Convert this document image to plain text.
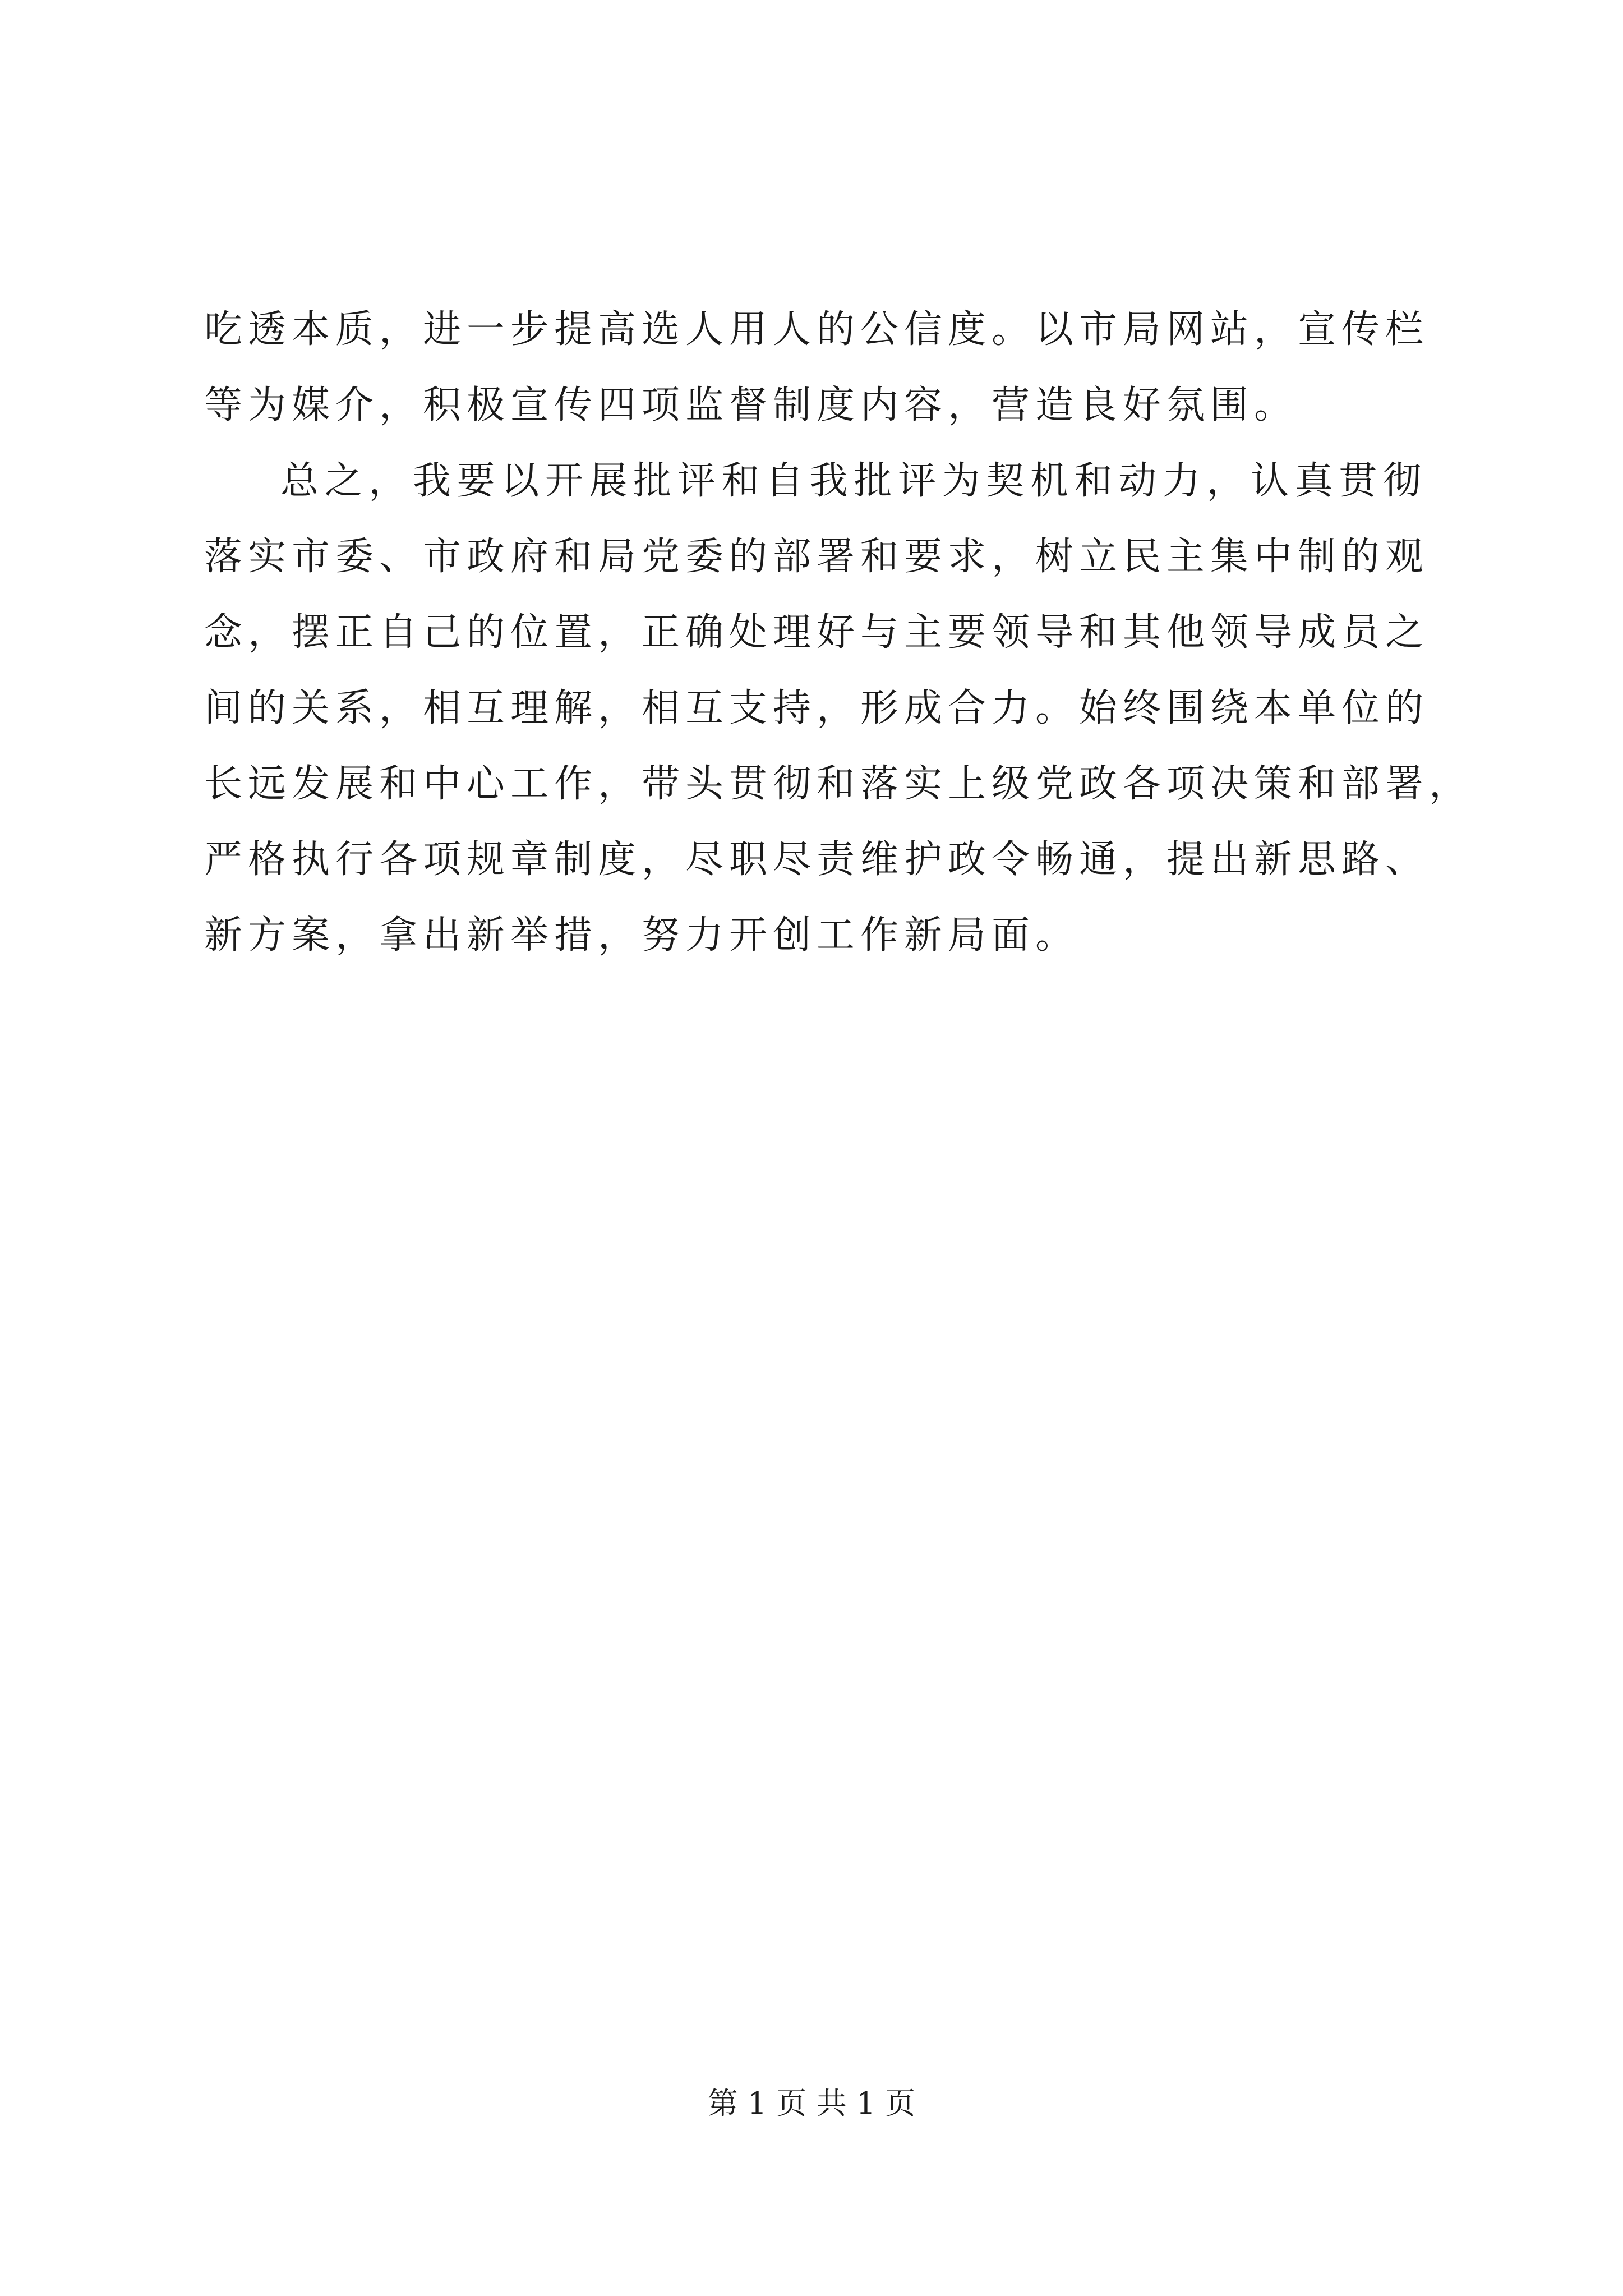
吃透本质，进一步提高选人用人的公信度。以市局网站，宣传栏
等为媒介，积极宣传四项监督制度内容，营造良好氛围。
总之，我要以开展批评和自我批评为契机和动力，认真贯彻
落实市委、市政府和局党委的部署和要求，树立民主集中制的观
念，摆正自己的位置，正确处理好与主要领导和其他领导成员之
间的关系，相互理解，相互支持，形成合力。始终围绕本单位的
长远发展和中心工作，带头贯彻和落实上级党政各项决策和部署，
严格执行各项规章制度，尽职尽责维护政令畅通，提出新思路、
新方案，拿出新举措，努力开创工作新局面。
第 1 页 共 1 页
